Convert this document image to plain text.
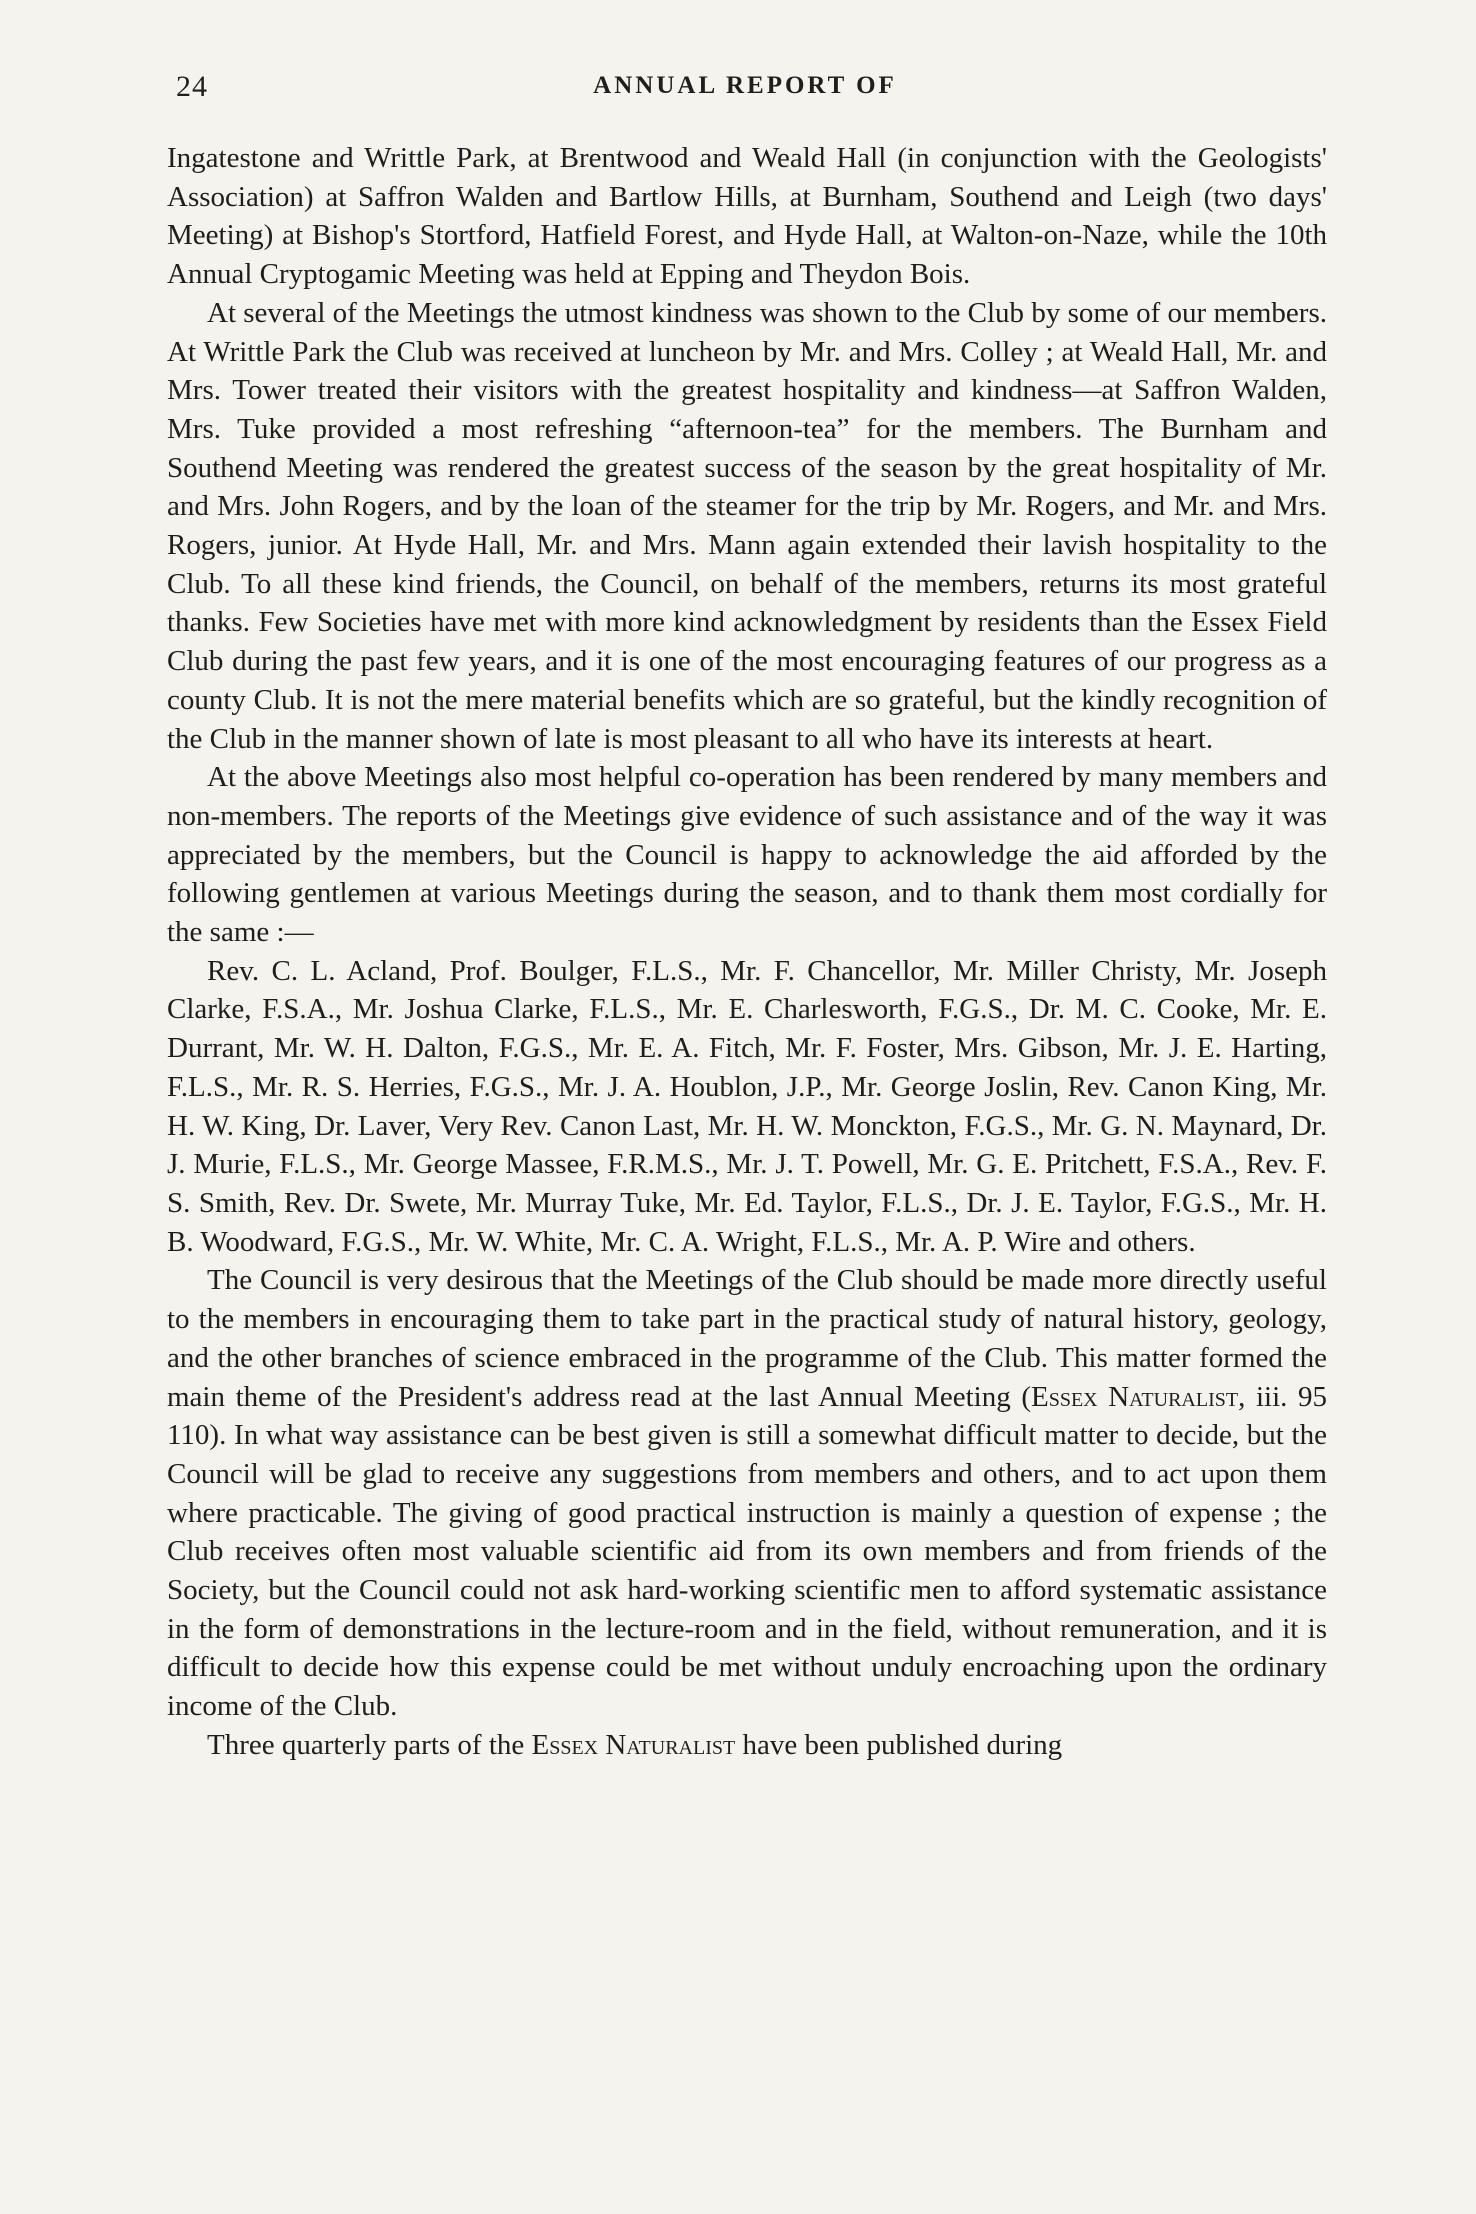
24	ANNUAL REPORT OF

Ingatestone and Writtle Park, at Brentwood and Weald Hall (in conjunction with the Geologists' Association) at Saffron Walden and Bartlow Hills, at Burnham, Southend and Leigh (two days' Meeting) at Bishop's Stortford, Hatfield Forest, and Hyde Hall, at Walton-on-Naze, while the 10th Annual Cryptogamic Meeting was held at Epping and Theydon Bois.

At several of the Meetings the utmost kindness was shown to the Club by some of our members. At Writtle Park the Club was received at luncheon by Mr. and Mrs. Colley ; at Weald Hall, Mr. and Mrs. Tower treated their visitors with the greatest hospitality and kindness—at Saffron Walden, Mrs. Tuke provided a most refreshing “afternoon-tea” for the members. The Burnham and Southend Meeting was rendered the greatest success of the season by the great hospitality of Mr. and Mrs. John Rogers, and by the loan of the steamer for the trip by Mr. Rogers, and Mr. and Mrs. Rogers, junior. At Hyde Hall, Mr. and Mrs. Mann again extended their lavish hospitality to the Club. To all these kind friends, the Council, on behalf of the members, returns its most grateful thanks. Few Societies have met with more kind acknowledgment by residents than the Essex Field Club during the past few years, and it is one of the most encouraging features of our progress as a county Club. It is not the mere material benefits which are so grateful, but the kindly recognition of the Club in the manner shown of late is most pleasant to all who have its interests at heart.

At the above Meetings also most helpful co-operation has been rendered by many members and non-members. The reports of the Meetings give evidence of such assistance and of the way it was appreciated by the members, but the Council is happy to acknowledge the aid afforded by the following gentlemen at various Meetings during the season, and to thank them most cordially for the same :—

Rev. C. L. Acland, Prof. Boulger, F.L.S., Mr. F. Chancellor, Mr. Miller Christy, Mr. Joseph Clarke, F.S.A., Mr. Joshua Clarke, F.L.S., Mr. E. Charlesworth, F.G.S., Dr. M. C. Cooke, Mr. E. Durrant, Mr. W. H. Dalton, F.G.S., Mr. E. A. Fitch, Mr. F. Foster, Mrs. Gibson, Mr. J. E. Harting, F.L.S., Mr. R. S. Herries, F.G.S., Mr. J. A. Houblon, J.P., Mr. George Joslin, Rev. Canon King, Mr. H. W. King, Dr. Laver, Very Rev. Canon Last, Mr. H. W. Monckton, F.G.S., Mr. G. N. Maynard, Dr. J. Murie, F.L.S., Mr. George Massee, F.R.M.S., Mr. J. T. Powell, Mr. G. E. Pritchett, F.S.A., Rev. F. S. Smith, Rev. Dr. Swete, Mr. Murray Tuke, Mr. Ed. Taylor, F.L.S., Dr. J. E. Taylor, F.G.S., Mr. H. B. Woodward, F.G.S., Mr. W. White, Mr. C. A. Wright, F.L.S., Mr. A. P. Wire and others.

The Council is very desirous that the Meetings of the Club should be made more directly useful to the members in encouraging them to take part in the practical study of natural history, geology, and the other branches of science embraced in the programme of the Club. This matter formed the main theme of the President's address read at the last Annual Meeting (Essex Naturalist, iii. 95 110). In what way assistance can be best given is still a somewhat difficult matter to decide, but the Council will be glad to receive any suggestions from members and others, and to act upon them where practicable. The giving of good practical instruction is mainly a question of expense ; the Club receives often most valuable scientific aid from its own members and from friends of the Society, but the Council could not ask hard-working scientific men to afford systematic assistance in the form of demonstrations in the lecture-room and in the field, without remuneration, and it is difficult to decide how this expense could be met without unduly encroaching upon the ordinary income of the Club.

Three quarterly parts of the Essex Naturalist have been published during
